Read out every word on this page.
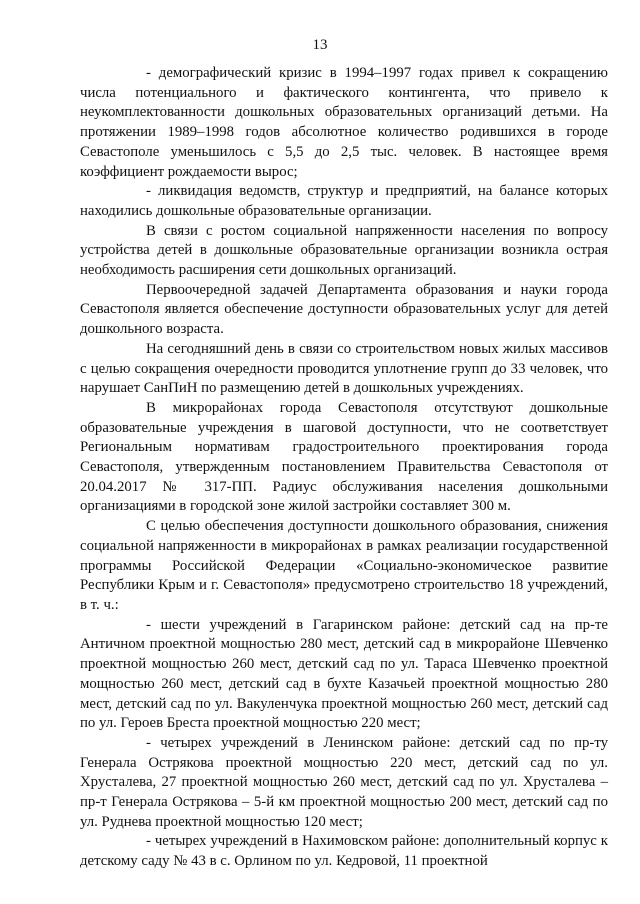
13

- демографический кризис в 1994–1997 годах привел к сокращению числа потенциального и фактического контингента, что привело к неукомплектованности дошкольных образовательных организаций детьми. На протяжении 1989–1998 годов абсолютное количество родившихся в городе Севастополе уменьшилось с 5,5 до 2,5 тыс. человек. В настоящее время коэффициент рождаемости вырос;

- ликвидация ведомств, структур и предприятий, на балансе которых находились дошкольные образовательные организации.

В связи с ростом социальной напряженности населения по вопросу устройства детей в дошкольные образовательные организации возникла острая необходимость расширения сети дошкольных организаций.

Первоочередной задачей Департамента образования и науки города Севастополя является обеспечение доступности образовательных услуг для детей дошкольного возраста.

На сегодняшний день в связи со строительством новых жилых массивов с целью сокращения очередности проводится уплотнение групп до 33 человек, что нарушает СанПиН по размещению детей в дошкольных учреждениях.

В микрорайонах города Севастополя отсутствуют дошкольные образовательные учреждения в шаговой доступности, что не соответствует Региональным нормативам градостроительного проектирования города Севастополя, утвержденным постановлением Правительства Севастополя от 20.04.2017 № 317-ПП. Радиус обслуживания населения дошкольными организациями в городской зоне жилой застройки составляет 300 м.

С целью обеспечения доступности дошкольного образования, снижения социальной напряженности в микрорайонах в рамках реализации государственной программы Российской Федерации «Социально-экономическое развитие Республики Крым и г. Севастополя» предусмотрено строительство 18 учреждений, в т. ч.:

- шести учреждений в Гагаринском районе: детский сад на пр-те Античном проектной мощностью 280 мест, детский сад в микрорайоне Шевченко проектной мощностью 260 мест, детский сад по ул. Тараса Шевченко проектной мощностью 260 мест, детский сад в бухте Казачьей проектной мощностью 280 мест, детский сад по ул. Вакуленчука проектной мощностью 260 мест, детский сад по ул. Героев Бреста проектной мощностью 220 мест;

- четырех учреждений в Ленинском районе: детский сад по пр-ту Генерала Острякова проектной мощностью 220 мест, детский сад по ул. Хрусталева, 27 проектной мощностью 260 мест, детский сад по ул. Хрусталева – пр-т Генерала Острякова – 5-й км проектной мощностью 200 мест, детский сад по ул. Руднева проектной мощностью 120 мест;

- четырех учреждений в Нахимовском районе: дополнительный корпус к детскому саду № 43 в с. Орлином по ул. Кедровой, 11 проектной
